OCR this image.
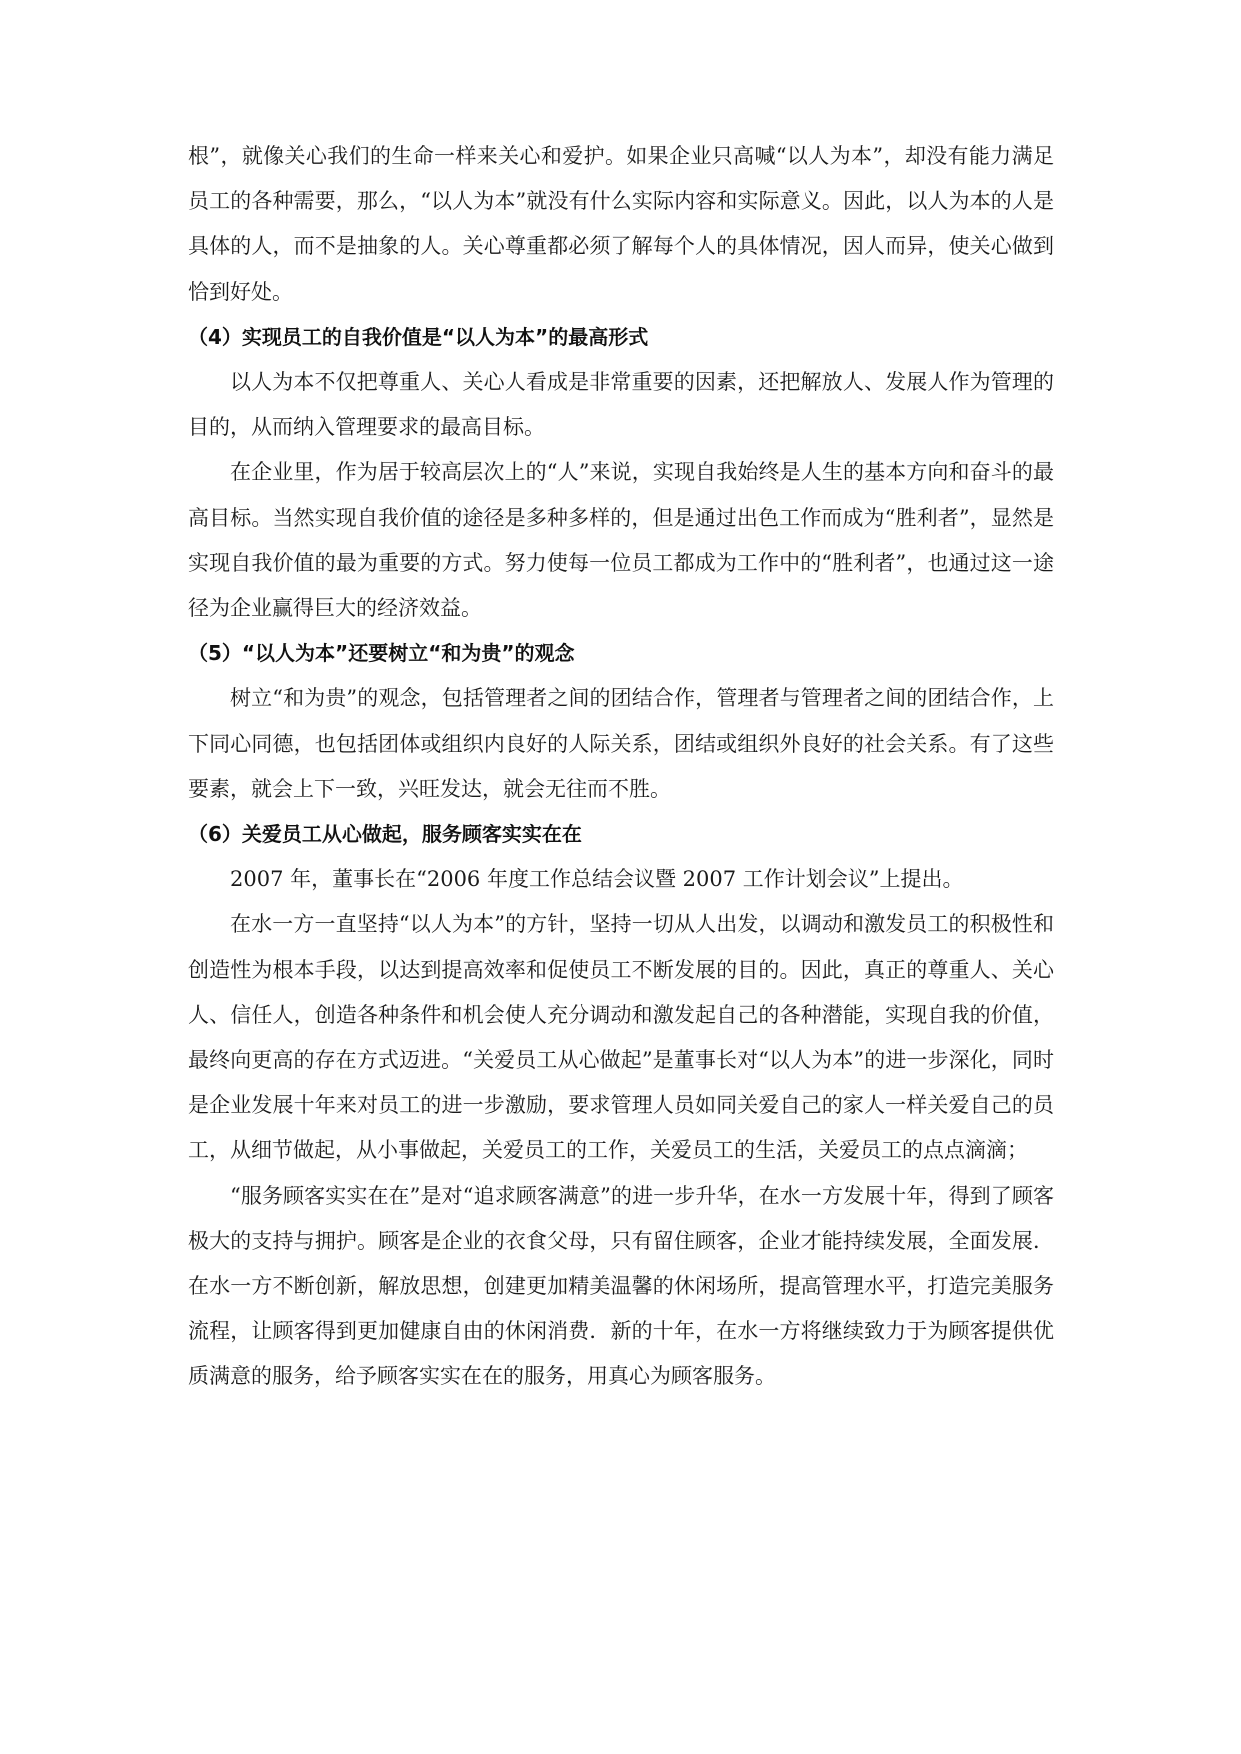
根”，就像关心我们的生命一样来关心和爱护。如果企业只高喊“以人为本”，却没有能力满足员工的各种需要，那么，“以人为本”就没有什么实际内容和实际意义。因此，以人为本的人是具体的人，而不是抽象的人。关心尊重都必须了解每个人的具体情况，因人而异，使关心做到恰到好处。

（4）实现员工的自我价值是“以人为本”的最高形式

以人为本不仅把尊重人、关心人看成是非常重要的因素，还把解放人、发展人作为管理的目的，从而纳入管理要求的最高目标。

在企业里，作为居于较高层次上的“人”来说，实现自我始终是人生的基本方向和奋斗的最高目标。当然实现自我价值的途径是多种多样的，但是通过出色工作而成为“胜利者”，显然是实现自我价值的最为重要的方式。努力使每一位员工都成为工作中的“胜利者”，也通过这一途径为企业赢得巨大的经济效益。

（5）“以人为本”还要树立“和为贵”的观念

树立“和为贵”的观念，包括管理者之间的团结合作，管理者与管理者之间的团结合作，上下同心同德，也包括团体或组织内良好的人际关系，团结或组织外良好的社会关系。有了这些要素，就会上下一致，兴旺发达，就会无往而不胜。

（6）关爱员工从心做起，服务顾客实实在在

2007 年，董事长在“2006 年度工作总结会议暨 2007 工作计划会议”上提出。

在水一方一直坚持“以人为本”的方针，坚持一切从人出发，以调动和激发员工的积极性和创造性为根本手段，以达到提高效率和促使员工不断发展的目的。因此，真正的尊重人、关心人、信任人，创造各种条件和机会使人充分调动和激发起自己的各种潜能，实现自我的价值，最终向更高的存在方式迈进。“关爱员工从心做起”是董事长对“以人为本”的进一步深化，同时是企业发展十年来对员工的进一步激励，要求管理人员如同关爱自己的家人一样关爱自己的员工，从细节做起，从小事做起，关爱员工的工作，关爱员工的生活，关爱员工的点点滴滴；

“服务顾客实实在在”是对“追求顾客满意”的进一步升华，在水一方发展十年，得到了顾客极大的支持与拥护。顾客是企业的衣食父母，只有留住顾客，企业才能持续发展，全面发展．在水一方不断创新，解放思想，创建更加精美温馨的休闲场所，提高管理水平，打造完美服务流程，让顾客得到更加健康自由的休闲消费．新的十年，在水一方将继续致力于为顾客提供优质满意的服务，给予顾客实实在在的服务，用真心为顾客服务。
